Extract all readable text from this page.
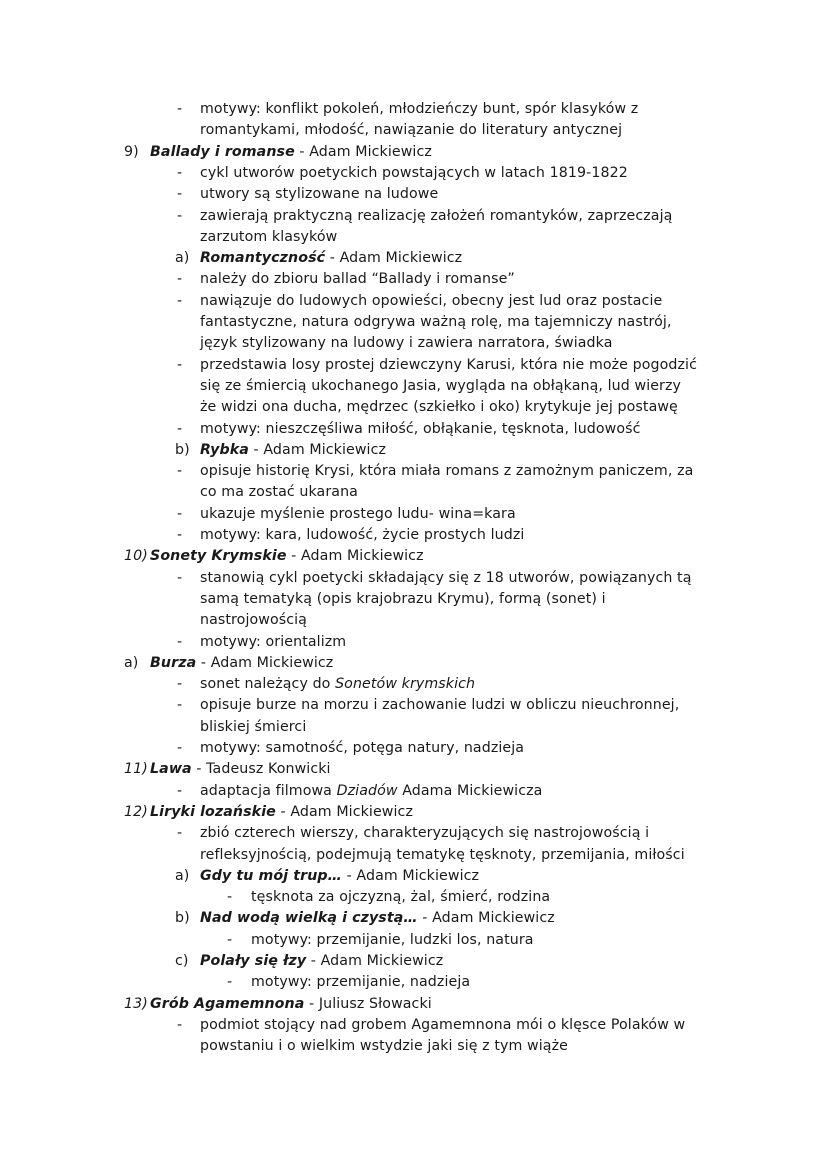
- motywy: konflikt pokoleń, młodzieńczy bunt, spór klasyków z
romantykami, młodość, nawiązanie do literatury antycznej
9) Ballady i romanse - Adam Mickiewicz
- cykl utworów poetyckich powstających w latach 1819-1822
- utwory są stylizowane na ludowe
- zawierają praktyczną realizację założeń romantyków, zaprzeczają
zarzutom klasyków
a) Romantyczność - Adam Mickiewicz
- należy do zbioru ballad “Ballady i romanse”
- nawiązuje do ludowych opowieści, obecny jest lud oraz postacie
fantastyczne, natura odgrywa ważną rolę, ma tajemniczy nastrój,
język stylizowany na ludowy i zawiera narratora, świadka
- przedstawia losy prostej dziewczyny Karusi, która nie może pogodzić
się ze śmiercią ukochanego Jasia, wygląda na obłąkaną, lud wierzy
że widzi ona ducha, mędrzec (szkiełko i oko) krytykuje jej postawę
- motywy: nieszczęśliwa miłość, obłąkanie, tęsknota, ludowość
b) Rybka - Adam Mickiewicz
- opisuje historię Krysi, która miała romans z zamożnym paniczem, za
co ma zostać ukarana
- ukazuje myślenie prostego ludu- wina=kara
- motywy: kara, ludowość, życie prostych ludzi
10) Sonety Krymskie - Adam Mickiewicz
- stanowią cykl poetycki składający się z 18 utworów, powiązanych tą
samą tematyką (opis krajobrazu Krymu), formą (sonet) i
nastrojowością
- motywy: orientalizm
a) Burza - Adam Mickiewicz
- sonet należący do Sonetów krymskich
- opisuje burze na morzu i zachowanie ludzi w obliczu nieuchronnej,
bliskiej śmierci
- motywy: samotność, potęga natury, nadzieja
11) Lawa - Tadeusz Konwicki
- adaptacja filmowa Dziadów Adama Mickiewicza
12) Liryki lozańskie - Adam Mickiewicz
- zbió czterech wierszy, charakteryzujących się nastrojowością i
refleksyjnością, podejmują tematykę tęsknoty, przemijania, miłości
a) Gdy tu mój trup… - Adam Mickiewicz
- tęsknota za ojczyzną, żal, śmierć, rodzina
b) Nad wodą wielką i czystą… - Adam Mickiewicz
- motywy: przemijanie, ludzki los, natura
c) Polały się łzy - Adam Mickiewicz
- motywy: przemijanie, nadzieja
13) Grób Agamemnona - Juliusz Słowacki
- podmiot stojący nad grobem Agamemnona mói o klęsce Polaków w
powstaniu i o wielkim wstydzie jaki się z tym wiąże
